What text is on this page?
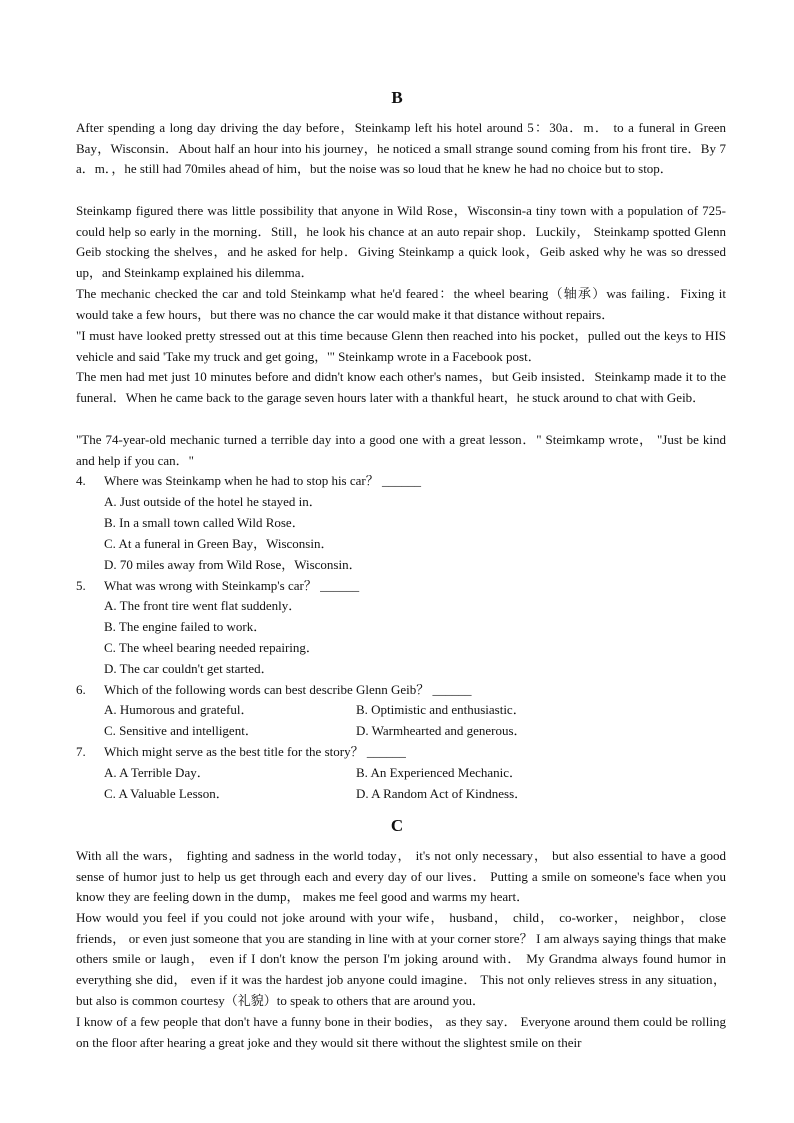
B

After spending a long day driving the day before，Steinkamp left his hotel around 5：30a．m． to a funeral in Green Bay，Wisconsin．About half an hour into his journey，he noticed a small strange sound coming from his front tire．By 7 a．m．，he still had 70miles ahead of him，but the noise was so loud that he knew he had no choice but to stop．

Steinkamp figured there was little possibility that anyone in Wild Rose，Wisconsin-a tiny town with a population of 725-could help so early in the morning．Still，he look his chance at an auto repair shop．Luckily， Steinkamp spotted Glenn Geib stocking the shelves，and he asked for help．Giving Steinkamp a quick look，Geib asked why he was so dressed up，and Steinkamp explained his dilemma．

The mechanic checked the car and told Steinkamp what he'd feared：the wheel bearing（轴承）was failing．Fixing it would take a few hours，but there was no chance the car would make it that distance without repairs．

"I must have looked pretty stressed out at this time because Glenn then reached into his pocket，pulled out the keys to HIS vehicle and said 'Take my truck and get going，'" Steinkamp wrote in a Facebook post．

The men had met just 10 minutes before and didn't know each other's names，but Geib insisted．Steinkamp made it to the funeral．When he came back to the garage seven hours later with a thankful heart，he stuck around to chat with Geib．

"The 74-year-old mechanic turned a terrible day into a good one with a great lesson．" Steimkamp wrote， "Just be kind and help if you can．"

4. Where was Steinkamp when he had to stop his car？ ______
A. Just outside of the hotel he stayed in．
B. In a small town called Wild Rose．
C. At a funeral in Green Bay，Wisconsin．
D. 70 miles away from Wild Rose，Wisconsin．
5. What was wrong with Steinkamp's car？ ______
A. The front tire went flat suddenly．
B. The engine failed to work．
C. The wheel bearing needed repairing．
D. The car couldn't get started．
6. Which of the following words can best describe Glenn Geib？ ______
A. Humorous and grateful．	B. Optimistic and enthusiastic．
C. Sensitive and intelligent．	D. Warmhearted and generous．
7. Which might serve as the best title for the story？ ______
A. A Terrible Day．	B. An Experienced Mechanic．
C. A Valuable Lesson．	D. A Random Act of Kindness．
C

With all the wars， fighting and sadness in the world today， it's not only necessary， but also essential to have a good sense of humor just to help us get through each and every day of our lives． Putting a smile on someone's face when you know they are feeling down in the dump， makes me feel good and warms my heart．

How would you feel if you could not joke around with your wife， husband， child， co-worker， neighbor， close friends， or even just someone that you are standing in line with at your corner store？ I am always saying things that make others smile or laugh， even if I don't know the person I'm joking around with． My Grandma always found humor in everything she did， even if it was the hardest job anyone could imagine． This not only relieves stress in any situation， but also is common courtesy（礼貌）to speak to others that are around you．

I know of a few people that don't have a funny bone in their bodies， as they say． Everyone around them could be rolling on the floor after hearing a great joke and they would sit there without the slightest smile on their
